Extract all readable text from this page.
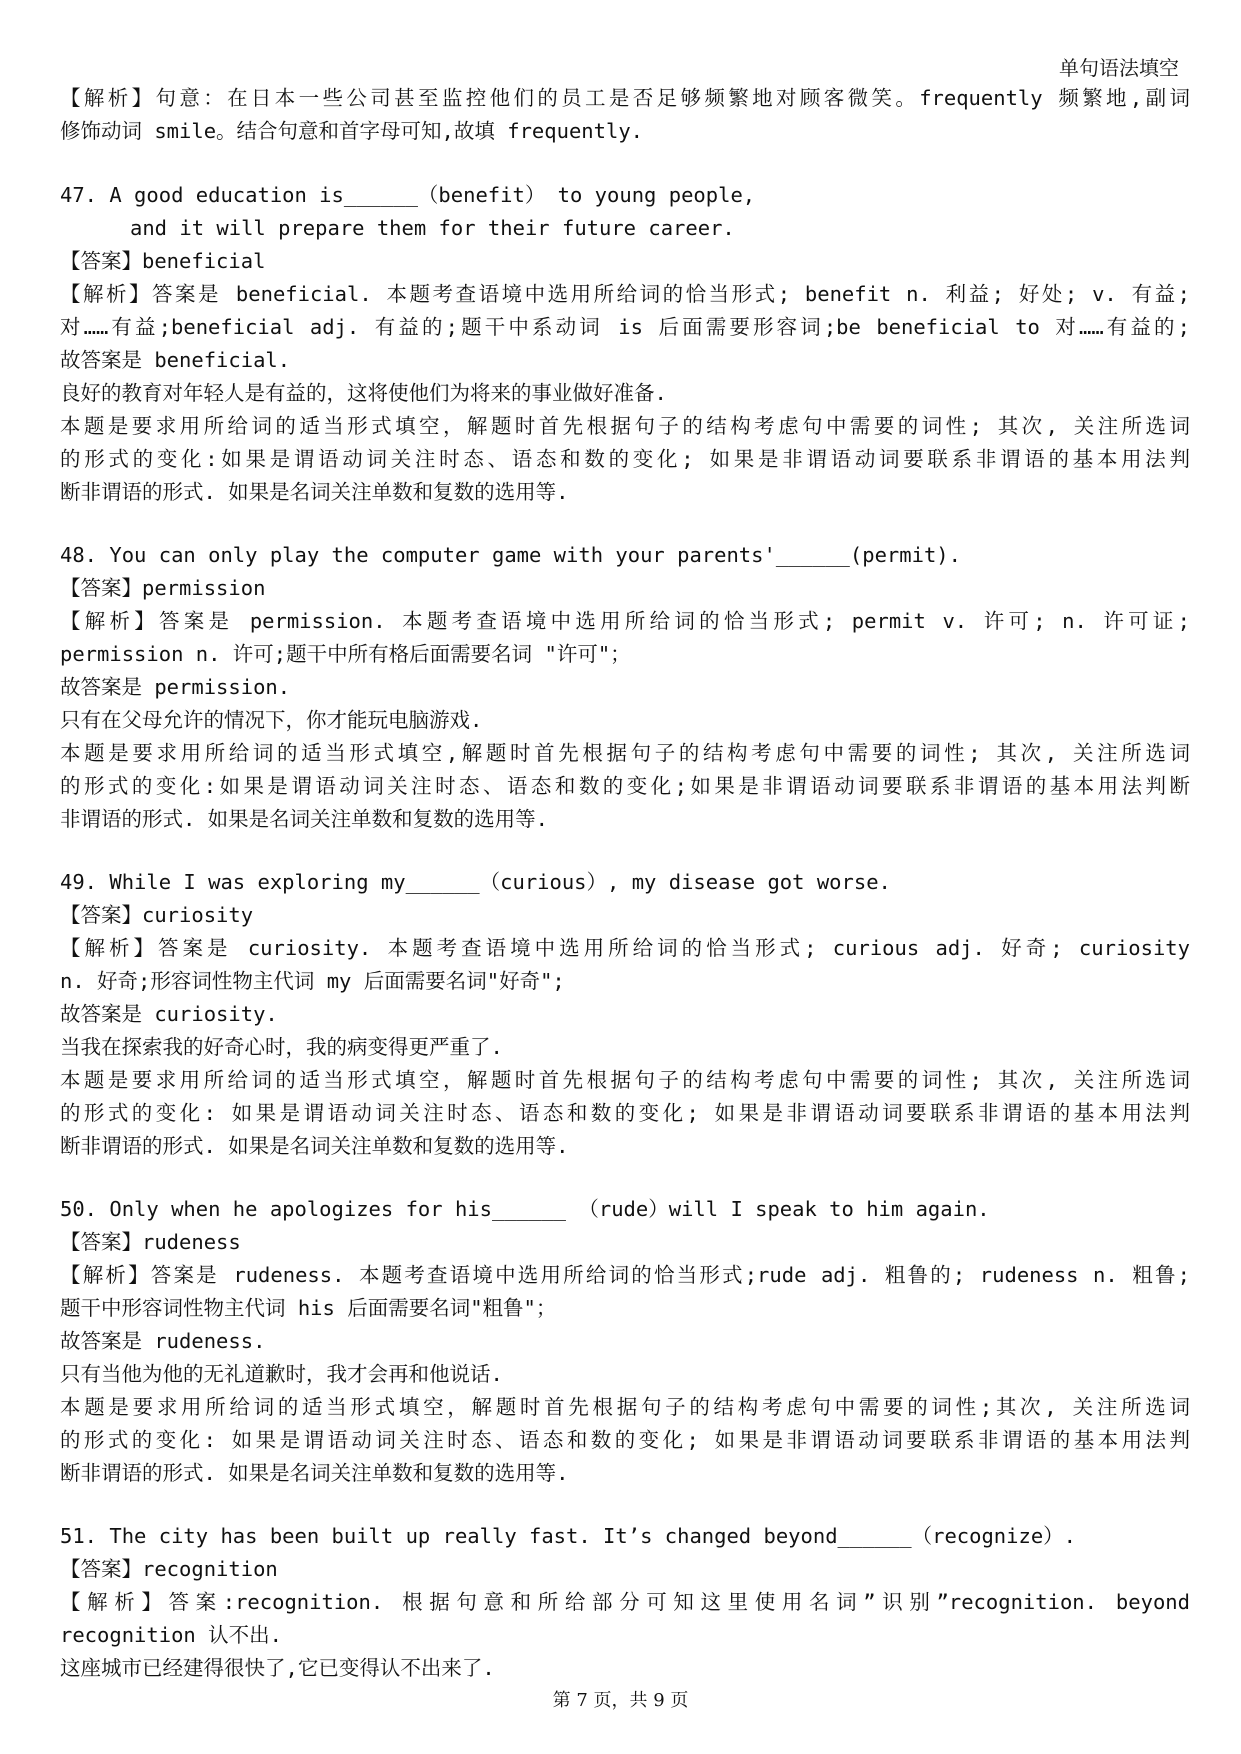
单句语法填空
【解析】句意：在日本一些公司甚至监控他们的员工是否足够频繁地对顾客微笑。frequently 频繁地,副词
修饰动词 smile。结合句意和首字母可知,故填 frequently.
47. A good education is______（benefit） to young people,
and it will prepare them for their future career.
【答案】beneficial
【解析】答案是 beneficial. 本题考查语境中选用所给词的恰当形式; benefit n. 利益; 好处; v. 有益;
对……有益;beneficial adj. 有益的;题干中系动词 is 后面需要形容词;be beneficial to 对……有益的;
故答案是 beneficial.
良好的教育对年轻人是有益的，这将使他们为将来的事业做好准备.
本题是要求用所给词的适当形式填空，解题时首先根据句子的结构考虑句中需要的词性; 其次, 关注所选词
的形式的变化:如果是谓语动词关注时态、语态和数的变化; 如果是非谓语动词要联系非谓语的基本用法判
断非谓语的形式. 如果是名词关注单数和复数的选用等.
48. You can only play the computer game with your parents'______(permit).
【答案】permission
【解析】答案是 permission. 本题考查语境中选用所给词的恰当形式; permit v. 许可; n. 许可证;
permission n. 许可;题干中所有格后面需要名词 "许可"；
故答案是 permission.
只有在父母允许的情况下，你才能玩电脑游戏.
本题是要求用所给词的适当形式填空,解题时首先根据句子的结构考虑句中需要的词性; 其次, 关注所选词
的形式的变化:如果是谓语动词关注时态、语态和数的变化;如果是非谓语动词要联系非谓语的基本用法判断
非谓语的形式. 如果是名词关注单数和复数的选用等.
49. While I was exploring my______（curious）, my disease got worse.
【答案】curiosity
【解析】答案是 curiosity. 本题考查语境中选用所给词的恰当形式; curious adj. 好奇; curiosity
n. 好奇;形容词性物主代词 my 后面需要名词"好奇";
故答案是 curiosity.
当我在探索我的好奇心时，我的病变得更严重了.
本题是要求用所给词的适当形式填空，解题时首先根据句子的结构考虑句中需要的词性; 其次, 关注所选词
的形式的变化: 如果是谓语动词关注时态、语态和数的变化; 如果是非谓语动词要联系非谓语的基本用法判
断非谓语的形式. 如果是名词关注单数和复数的选用等.
50. Only when he apologizes for his______ （rude）will I speak to him again.
【答案】rudeness
【解析】答案是 rudeness. 本题考查语境中选用所给词的恰当形式;rude adj. 粗鲁的; rudeness n. 粗鲁;
题干中形容词性物主代词 his 后面需要名词"粗鲁"；
故答案是 rudeness.
只有当他为他的无礼道歉时，我才会再和他说话.
本题是要求用所给词的适当形式填空，解题时首先根据句子的结构考虑句中需要的词性;其次, 关注所选词
的形式的变化: 如果是谓语动词关注时态、语态和数的变化; 如果是非谓语动词要联系非谓语的基本用法判
断非谓语的形式. 如果是名词关注单数和复数的选用等.
51. The city has been built up really fast. It’s changed beyond______（recognize）.
【答案】recognition
【解析】答案:recognition. 根据句意和所给部分可知这里使用名词”识别”recognition. beyond
recognition 认不出.
这座城市已经建得很快了,它已变得认不出来了.
第 7 页，共 9 页
